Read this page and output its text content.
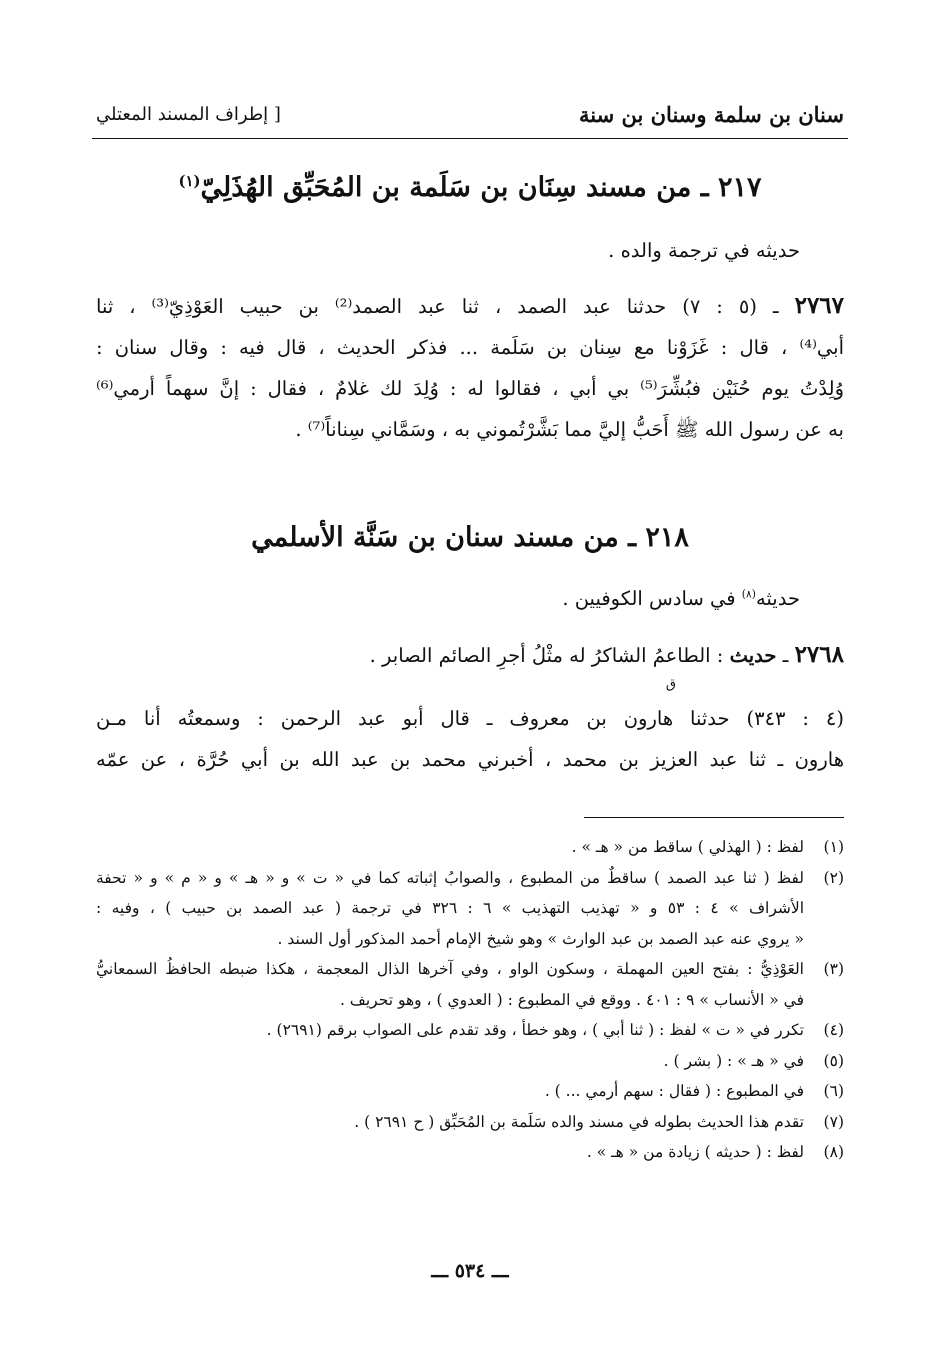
سنان بن سلمة وسنان بن سنة
[ إطراف المسند المعتلي
٢١٧ ـ من مسند سِنَان بن سَلَمة بن المُحَبِّق الهُذَلِيّ$^{(١)}$
حديثه في ترجمة والده .
٢٧٦٧ ـ (٥ : ٧) حدثنا عبد الصمد ، ثنا عبد الصمد⁽²⁾ بن حبيب العَوْذِيّ⁽³⁾ ، ثنا
أبي⁽⁴⁾ ، قال : غَزَوْنا مع سِنان بن سَلَمة ... فذكر الحديث ، قال فيه : وقال سنان :
وُلِدْتُ يوم حُنَيْن فبُشِّرَ⁽⁵⁾ بي أبي ، فقالوا له : وُلِدَ لك غلامٌ ، فقال : إنَّ سهماً أرمي⁽⁶⁾
به عن رسول الله ﷺ أَحَبُّ إليَّ مما بَشَّرْتُموني به ، وسَمَّاني سِناناً⁽⁷⁾ .
٢١٨ ـ من مسند سنان بن سَنَّة الأسلمي
حديثه$^{(٨)}$ في سادس الكوفيين .
٢٧٦٨ ـ حديث : الطاعمُ الشاكرُ له مثْلُ أجرِ الصائم الصابر .
ق
(٤ : ٣٤٣) حدثنا هارون بن معروف ـ قال أبو عبد الرحمن : وسمعتُه أنا مـن
هارون ـ ثنا عبد العزيز بن محمد ، أخبرني محمد بن عبد الله بن أبي حُرَّة ، عن عمّه
(١)
لفظ : ( الهذلي ) ساقط من « هـ » .
(٢)
لفظ ( ثنا عبد الصمد ) ساقطٌ من المطبوع ، والصوابُ إثباته كما في « ت » و « هـ » و « م » و « تحفة
الأشراف » ٤ : ٥٣ و « تهذيب التهذيب » ٦ : ٣٢٦ في ترجمة ( عبد الصمد بن حبيب ) ، وفيه :
« يروي عنه عبد الصمد بن عبد الوارث » وهو شيخ الإمام أحمد المذكور أول السند .
(٣)
العَوْذِيُّ : بفتح العين المهملة ، وسكون الواو ، وفي آخرها الذال المعجمة ، هكذا ضبطه الحافظُ السمعانيُّ
في « الأنساب » ٩ : ٤٠١ . ووقع في المطبوع : ( العدوي ) ، وهو تحريف .
(٤)
تكرر في « ت » لفظ : ( ثنا أبي ) ، وهو خطأ ، وقد تقدم على الصواب برقم (٢٦٩١) .
(٥)
في « هـ » : ( بشر ) .
(٦)
في المطبوع : ( فقال : سهم أرمي ... ) .
(٧)
تقدم هذا الحديث بطوله في مسند والده سَلَمة بن المُحَبِّق ( ح ٢٦٩١ ) .
(٨)
لفظ : ( حديثه ) زيادة من « هـ » .
ـــ ٥٣٤ ـــ
